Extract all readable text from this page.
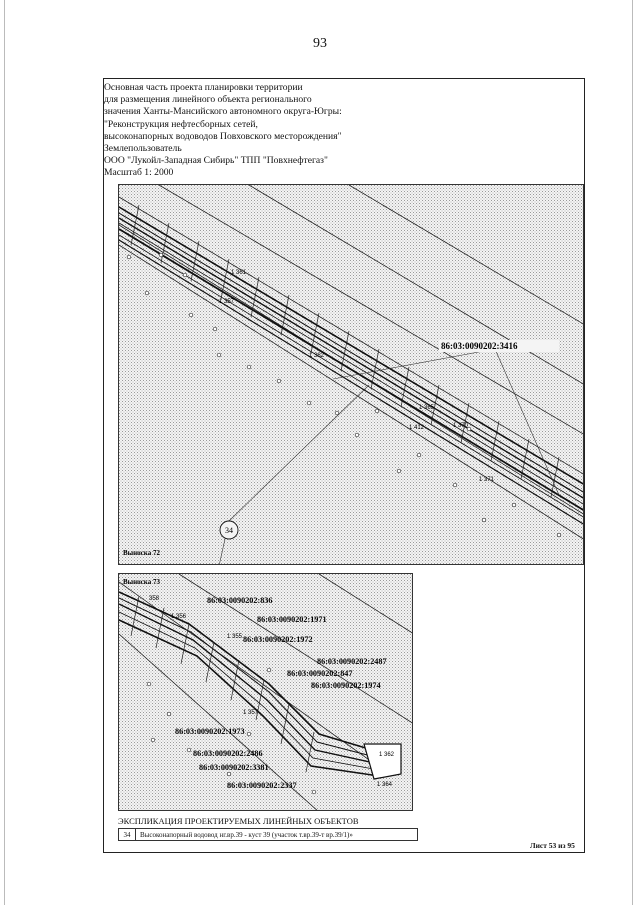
93
Основная часть проекта планировки территории
для размещения линейного объекта регионального
значения Ханты-Мансийского автономного округа-Югры:
"Реконструкция нефтесборных сетей,
высоконапорных водоводов Повховского месторождения"
Землепользователь
ООО "Лукойл-Западная Сибирь" ТПП "Повхнефтегаз"
Масштаб 1: 2000
1 361
1 357
1 362
1 365
1 370
1 371
1 412
86:03:0090202:3416
34
Выноска 72
358
1 356
1 355
1 357
1 362
1 364
86:03:0090202:836
86:03:0090202:1971
86:03:0090202:1972
86:03:0090202:2487
86:03:0090202:847
86:03:0090202:1974
86:03:0090202:1973
86:03:0090202:2486
86:03:0090202:3381
86:03:0090202:2337
Выноска 73
ЭКСПЛИКАЦИЯ ПРОЕКТИРУЕМЫХ ЛИНЕЙНЫХ ОБЪЕКТОВ
34	Высоконапорный водовод нг.вр.39 - куст 39 (участок т.вр.39-т вр.39/1)»
Лист 53 из 95
